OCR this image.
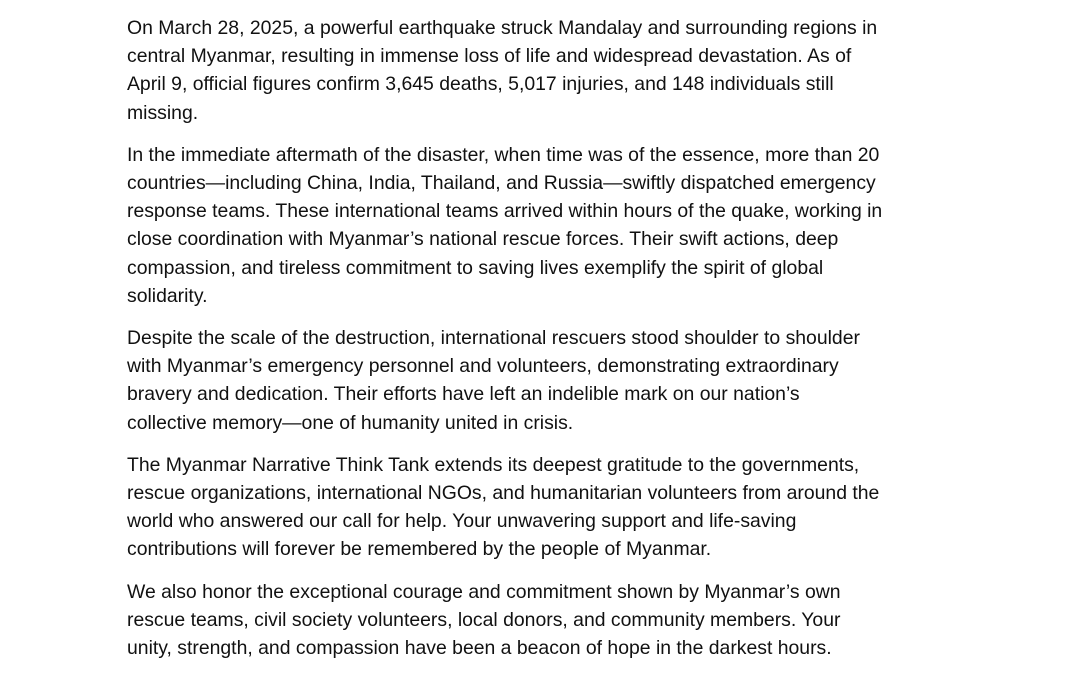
On March 28, 2025, a powerful earthquake struck Mandalay and surrounding regions in
central Myanmar, resulting in immense loss of life and widespread devastation. As of
April 9, official figures confirm 3,645 deaths, 5,017 injuries, and 148 individuals still
missing.

In the immediate aftermath of the disaster, when time was of the essence, more than 20
countries—including China, India, Thailand, and Russia—swiftly dispatched emergency
response teams. These international teams arrived within hours of the quake, working in
close coordination with Myanmar’s national rescue forces. Their swift actions, deep
compassion, and tireless commitment to saving lives exemplify the spirit of global
solidarity.

Despite the scale of the destruction, international rescuers stood shoulder to shoulder
with Myanmar’s emergency personnel and volunteers, demonstrating extraordinary
bravery and dedication. Their efforts have left an indelible mark on our nation’s
collective memory—one of humanity united in crisis.

The Myanmar Narrative Think Tank extends its deepest gratitude to the governments,
rescue organizations, international NGOs, and humanitarian volunteers from around the
world who answered our call for help. Your unwavering support and life-saving
contributions will forever be remembered by the people of Myanmar.

We also honor the exceptional courage and commitment shown by Myanmar’s own
rescue teams, civil society volunteers, local donors, and community members. Your
unity, strength, and compassion have been a beacon of hope in the darkest hours.
